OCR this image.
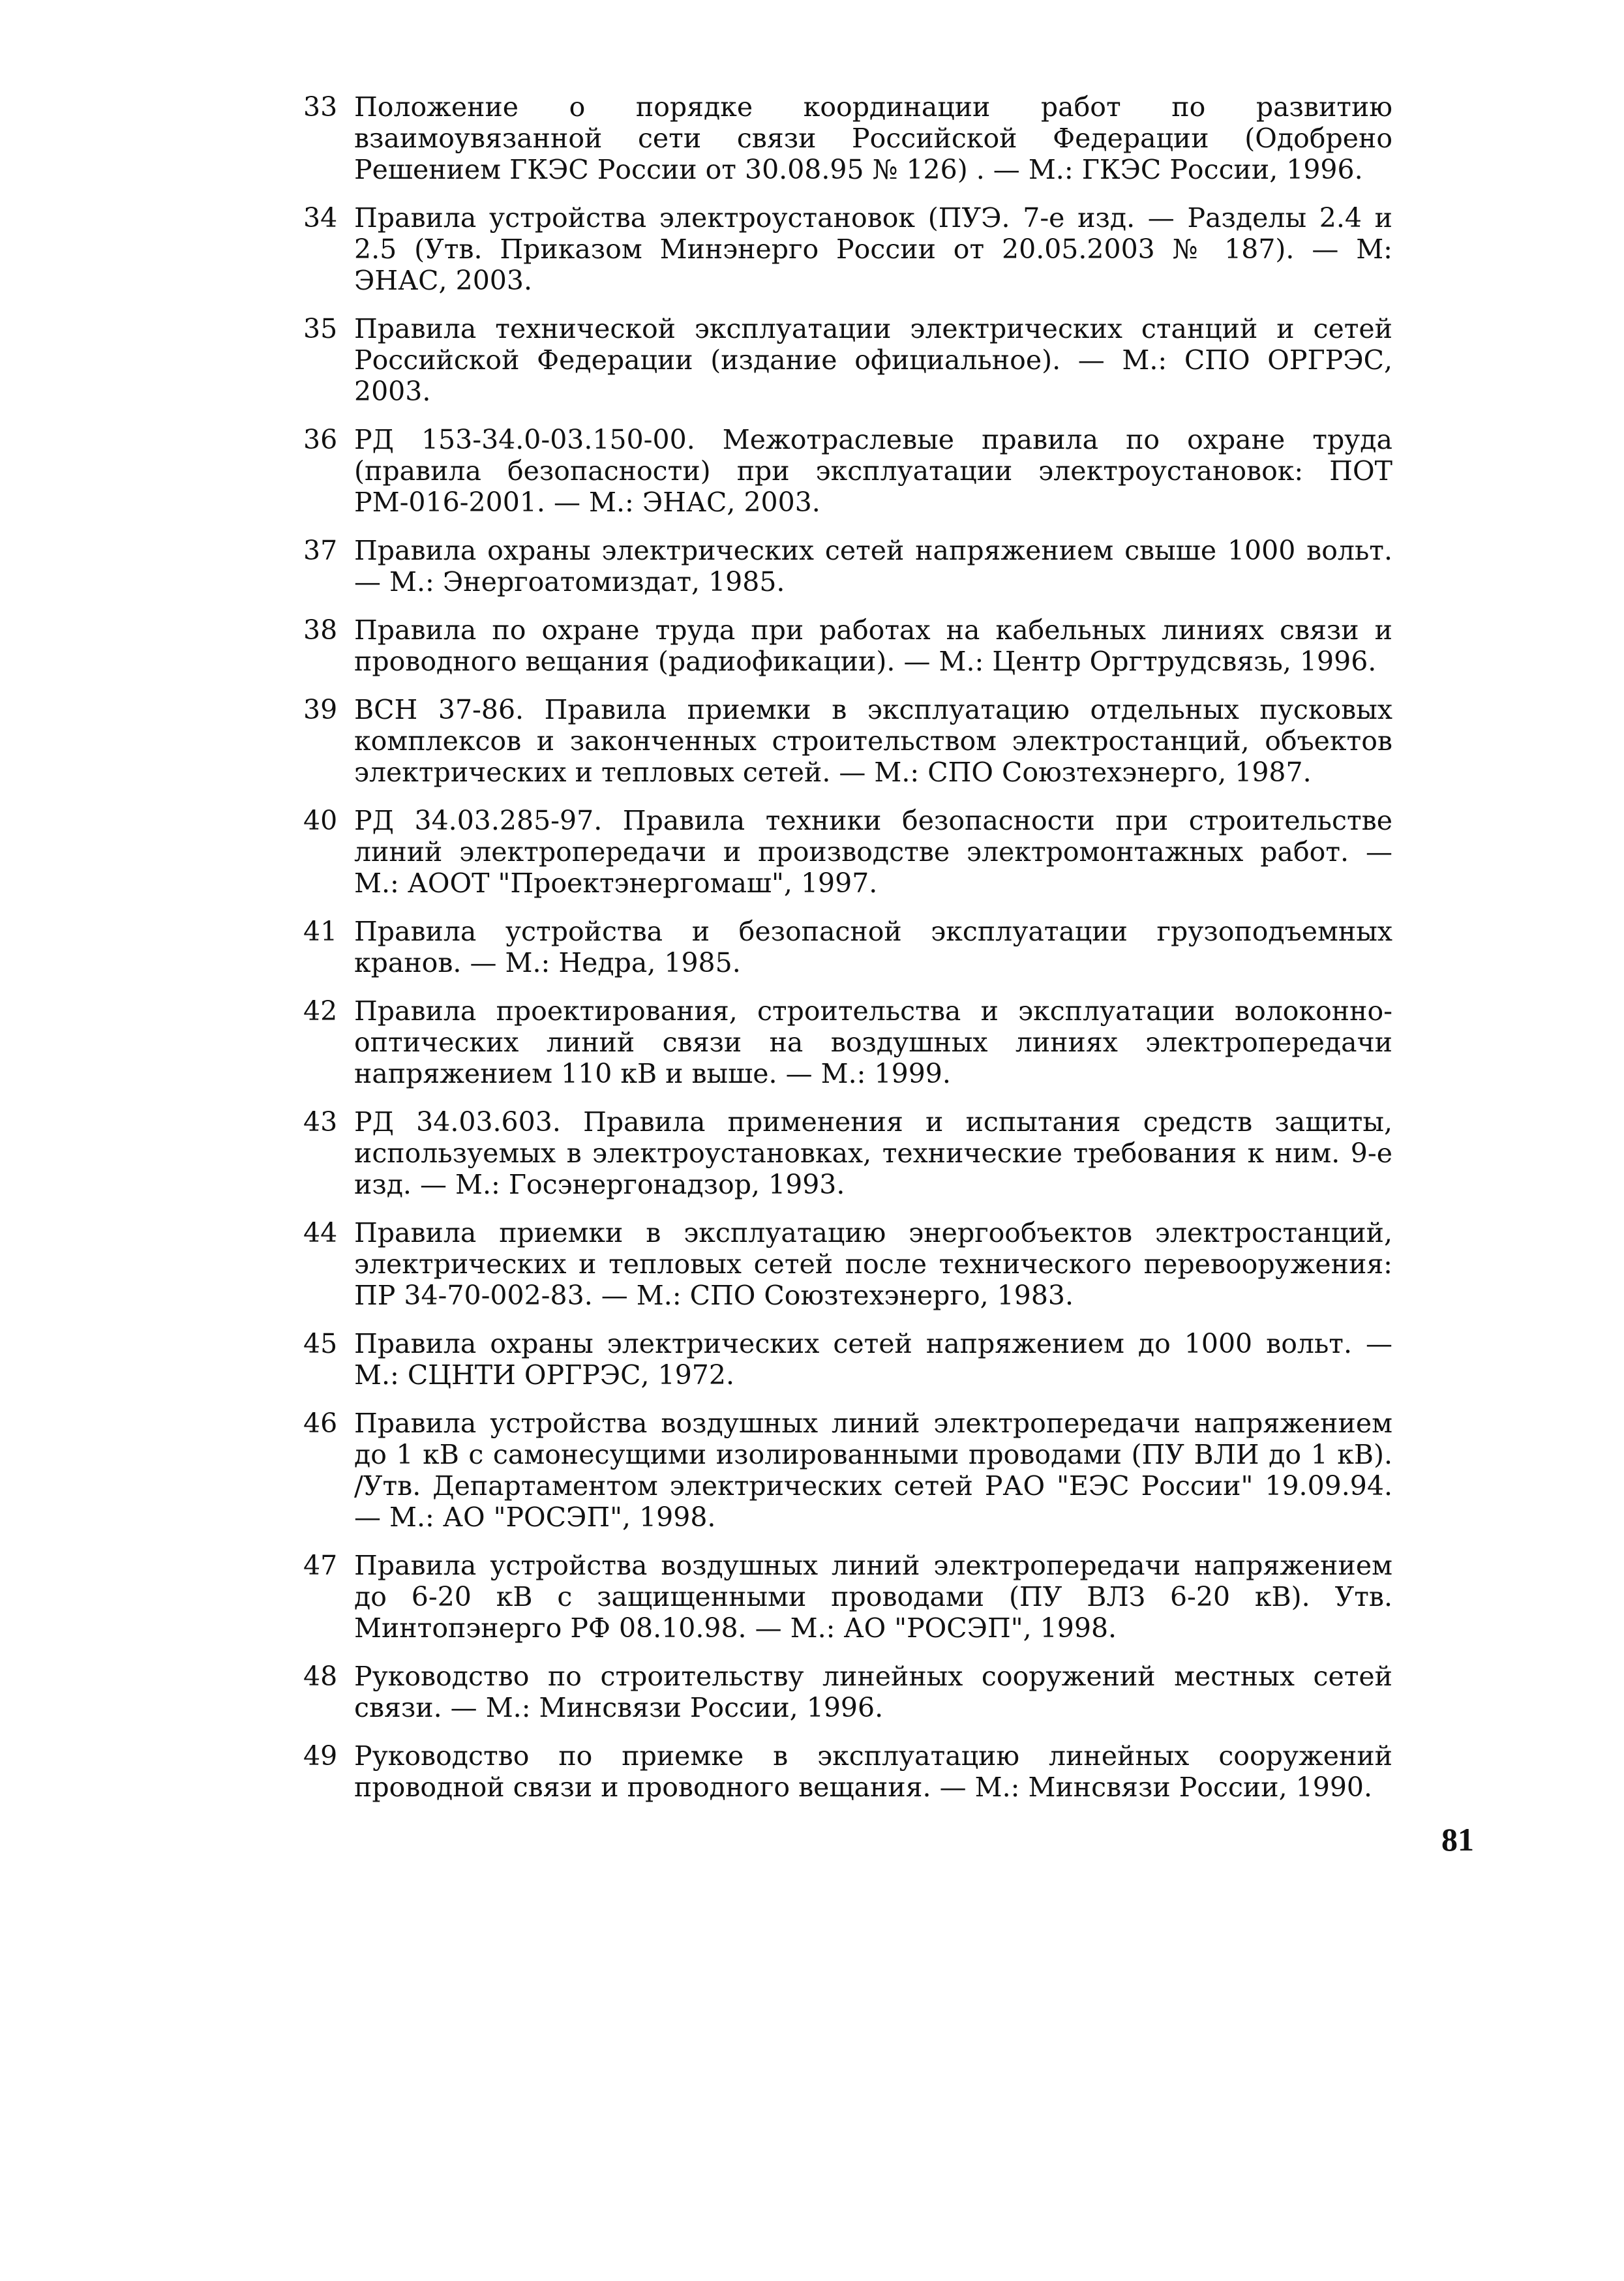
33 Положение о порядке координации работ по развитию взаимоувязанной сети связи Российской Федерации (Одобрено Решением ГКЭС России от 30.08.95 № 126) . — М.: ГКЭС России, 1996.
34 Правила устройства электроустановок (ПУЭ. 7-е изд. — Разделы 2.4 и 2.5 (Утв. Приказом Минэнерго России от 20.05.2003 № 187). — М: ЭНАС, 2003.
35 Правила технической эксплуатации электрических станций и сетей Российской Федерации (издание официальное). — М.: СПО ОРГРЭС, 2003.
36 РД 153-34.0-03.150-00. Межотраслевые правила по охране труда (правила безопасности) при эксплуатации электроустановок: ПОТ РМ-016-2001. — М.: ЭНАС, 2003.
37 Правила охраны электрических сетей напряжением свыше 1000 вольт. — М.: Энергоатомиздат, 1985.
38 Правила по охране труда при работах на кабельных линиях связи и проводного вещания (радиофикации). — М.: Центр Оргтрудсвязь, 1996.
39 ВСН 37-86. Правила приемки в эксплуатацию отдельных пусковых комплексов и законченных строительством электростанций, объектов электрических и тепловых сетей. — М.: СПО Союзтехэнерго, 1987.
40 РД 34.03.285-97. Правила техники безопасности при строительстве линий электропередачи и производстве электромонтажных работ. — М.: АООТ "Проектэнергомаш", 1997.
41 Правила устройства и безопасной эксплуатации грузоподъемных кранов. — М.: Недра, 1985.
42 Правила проектирования, строительства и эксплуатации волоконно-оптических линий связи на воздушных линиях электропередачи напряжением 110 кВ и выше. — М.: 1999.
43 РД 34.03.603. Правила применения и испытания средств защиты, используемых в электроустановках, технические требования к ним. 9-е изд. — М.: Госэнергонадзор, 1993.
44 Правила приемки в эксплуатацию энергообъектов электростанций, электрических и тепловых сетей после технического перевооружения: ПР 34-70-002-83. — М.: СПО Союзтехэнерго, 1983.
45 Правила охраны электрических сетей напряжением до 1000 вольт. — М.: СЦНТИ ОРГРЭС, 1972.
46 Правила устройства воздушных линий электропередачи напряжением до 1 кВ с самонесущими изолированными проводами (ПУ ВЛИ до 1 кВ). /Утв. Департаментом электрических сетей РАО "ЕЭС России" 19.09.94. — М.: АО "РОСЭП", 1998.
47 Правила устройства воздушных линий электропередачи напряжением до 6-20 кВ с защищенными проводами (ПУ ВЛЗ 6-20 кВ). Утв. Минтопэнерго РФ 08.10.98. — М.: АО "РОСЭП", 1998.
48 Руководство по строительству линейных сооружений местных сетей связи. — М.: Минсвязи России, 1996.
49 Руководство по приемке в эксплуатацию линейных сооружений проводной связи и проводного вещания. — М.: Минсвязи России, 1990.
81
